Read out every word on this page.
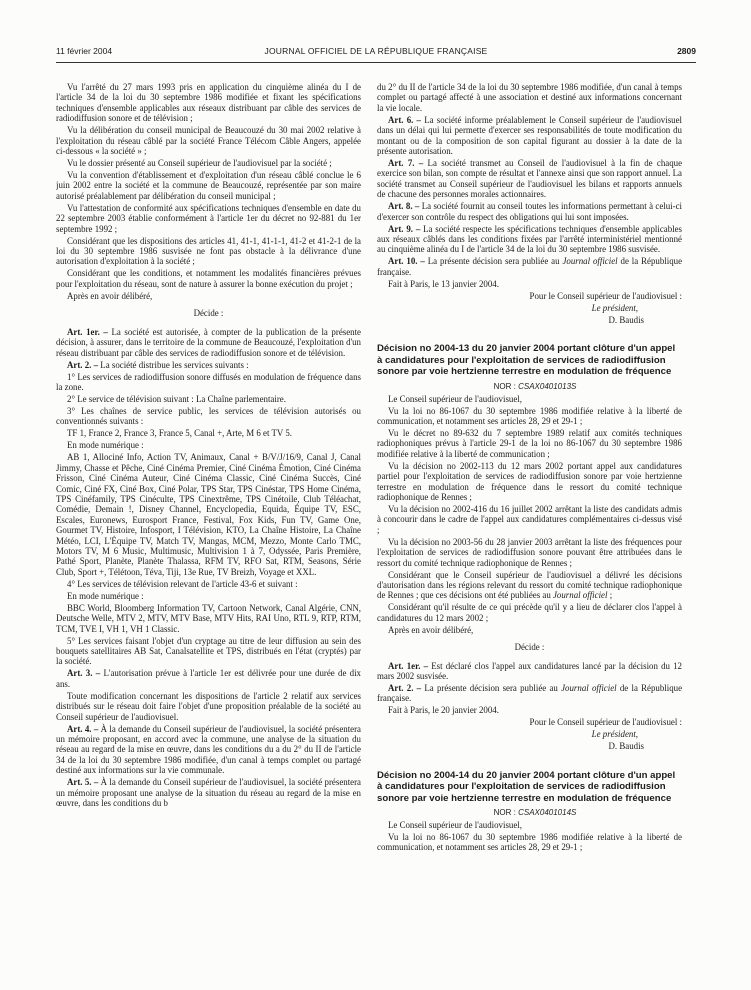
11 février 2004	JOURNAL OFFICIEL DE LA RÉPUBLIQUE FRANÇAISE	2809

Vu l'arrêté du 27 mars 1993 pris en application du cinquième alinéa du I de l'article 34 de la loi du 30 septembre 1986 modifiée et fixant les spécifications techniques d'ensemble applicables aux réseaux distribuant par câble des services de radiodiffusion sonore et de télévision ;

Vu la délibération du conseil municipal de Beaucouzé du 30 mai 2002 relative à l'exploitation du réseau câblé par la société France Télécom Câble Angers, appelée ci-dessous « la société » ;

Vu le dossier présenté au Conseil supérieur de l'audiovisuel par la société ;

Vu la convention d'établissement et d'exploitation d'un réseau câblé conclue le 6 juin 2002 entre la société et la commune de Beaucouzé, représentée par son maire autorisé préalablement par délibération du conseil municipal ;

Vu l'attestation de conformité aux spécifications techniques d'ensemble en date du 22 septembre 2003 établie conformément à l'article 1er du décret no 92-881 du 1er septembre 1992 ;

Considérant que les dispositions des articles 41, 41-1, 41-1-1, 41-2 et 41-2-1 de la loi du 30 septembre 1986 susvisée ne font pas obstacle à la délivrance d'une autorisation d'exploitation à la société ;

Considérant que les conditions, et notamment les modalités financières prévues pour l'exploitation du réseau, sont de nature à assurer la bonne exécution du projet ;

Après en avoir délibéré,

Décide :

Art. 1er. – La société est autorisée, à compter de la publication de la présente décision, à assurer, dans le territoire de la commune de Beaucouzé, l'exploitation d'un réseau distribuant par câble des services de radiodiffusion sonore et de télévision.

Art. 2. – La société distribue les services suivants :

1° Les services de radiodiffusion sonore diffusés en modulation de fréquence dans la zone.

2° Le service de télévision suivant : La Chaîne parlementaire.

3° Les chaînes de service public, les services de télévision autorisés ou conventionnés suivants :

TF 1, France 2, France 3, France 5, Canal +, Arte, M 6 et TV 5.

En mode numérique :

AB 1, Allociné Info, Action TV, Animaux, Canal + B/V/J/16/9, Canal J, Canal Jimmy, Chasse et Pêche, Ciné Cinéma Premier, Ciné Cinéma Émotion, Ciné Cinéma Frisson, Ciné Cinéma Auteur, Ciné Cinéma Classic, Ciné Cinéma Succès, Ciné Comic, Ciné FX, Ciné Box, Ciné Polar, TPS Star, TPS Cinéstar, TPS Home Cinéma, TPS Cinéfamily, TPS Cinéculte, TPS Cinextrême, TPS Cinétoile, Club Téléachat, Comédie, Demain !, Disney Channel, Encyclopedia, Equida, Équipe TV, ESC, Escales, Euronews, Eurosport France, Festival, Fox Kids, Fun TV, Game One, Gourmet TV, Histoire, Infosport, I Télévision, KTO, La Chaîne Histoire, La Chaîne Météo, LCI, L'Équipe TV, Match TV, Mangas, MCM, Mezzo, Monte Carlo TMC, Motors TV, M 6 Music, Multimusic, Multivision 1 à 7, Odyssée, Paris Première, Pathé Sport, Planète, Planète Thalassa, RFM TV, RFO Sat, RTM, Seasons, Série Club, Sport +, Télétoon, Téva, Tiji, 13e Rue, TV Breizh, Voyage et XXL.

4° Les services de télévision relevant de l'article 43-6 et suivant :

En mode numérique :

BBC World, Bloomberg Information TV, Cartoon Network, Canal Algérie, CNN, Deutsche Welle, MTV 2, MTV, MTV Base, MTV Hits, RAI Uno, RTL 9, RTP, RTM, TCM, TVE I, VH 1, VH 1 Classic.

5° Les services faisant l'objet d'un cryptage au titre de leur diffusion au sein des bouquets satellitaires AB Sat, Canalsatellite et TPS, distribués en l'état (cryptés) par la société.

Art. 3. – L'autorisation prévue à l'article 1er est délivrée pour une durée de dix ans.

Toute modification concernant les dispositions de l'article 2 relatif aux services distribués sur le réseau doit faire l'objet d'une proposition préalable de la société au Conseil supérieur de l'audiovisuel.

Art. 4. – À la demande du Conseil supérieur de l'audiovisuel, la société présentera un mémoire proposant, en accord avec la commune, une analyse de la situation du réseau au regard de la mise en œuvre, dans les conditions du a du 2° du II de l'article 34 de la loi du 30 septembre 1986 modifiée, d'un canal à temps complet ou partagé destiné aux informations sur la vie communale.

Art. 5. – À la demande du Conseil supérieur de l'audiovisuel, la société présentera un mémoire proposant une analyse de la situation du réseau au regard de la mise en œuvre, dans les conditions du b

du 2° du II de l'article 34 de la loi du 30 septembre 1986 modifiée, d'un canal à temps complet ou partagé affecté à une association et destiné aux informations concernant la vie locale.

Art. 6. – La société informe préalablement le Conseil supérieur de l'audiovisuel dans un délai qui lui permette d'exercer ses responsabilités de toute modification du montant ou de la composition de son capital figurant au dossier à la date de la présente autorisation.

Art. 7. – La société transmet au Conseil de l'audiovisuel à la fin de chaque exercice son bilan, son compte de résultat et l'annexe ainsi que son rapport annuel. La société transmet au Conseil supérieur de l'audiovisuel les bilans et rapports annuels de chacune des personnes morales actionnaires.

Art. 8. – La société fournit au conseil toutes les informations permettant à celui-ci d'exercer son contrôle du respect des obligations qui lui sont imposées.

Art. 9. – La société respecte les spécifications techniques d'ensemble applicables aux réseaux câblés dans les conditions fixées par l'arrêté interministériel mentionné au cinquième alinéa du I de l'article 34 de la loi du 30 septembre 1986 susvisée.

Art. 10. – La présente décision sera publiée au Journal officiel de la République française.

Fait à Paris, le 13 janvier 2004.

Pour le Conseil supérieur de l'audiovisuel :

Le président,

D. Baudis

Décision no 2004-13 du 20 janvier 2004 portant clôture d'un appel à candidatures pour l'exploitation de services de radiodiffusion sonore par voie hertzienne terrestre en modulation de fréquence

NOR : CSAX0401013S

Le Conseil supérieur de l'audiovisuel,

Vu la loi no 86-1067 du 30 septembre 1986 modifiée relative à la liberté de communication, et notamment ses articles 28, 29 et 29-1 ;

Vu le décret no 89-632 du 7 septembre 1989 relatif aux comités techniques radiophoniques prévus à l'article 29-1 de la loi no 86-1067 du 30 septembre 1986 modifiée relative à la liberté de communication ;

Vu la décision no 2002-113 du 12 mars 2002 portant appel aux candidatures partiel pour l'exploitation de services de radiodiffusion sonore par voie hertzienne terrestre en modulation de fréquence dans le ressort du comité technique radiophonique de Rennes ;

Vu la décision no 2002-416 du 16 juillet 2002 arrêtant la liste des candidats admis à concourir dans le cadre de l'appel aux candidatures complémentaires ci-dessus visé ;

Vu la décision no 2003-56 du 28 janvier 2003 arrêtant la liste des fréquences pour l'exploitation de services de radiodiffusion sonore pouvant être attribuées dans le ressort du comité technique radiophonique de Rennes ;

Considérant que le Conseil supérieur de l'audiovisuel a délivré les décisions d'autorisation dans les régions relevant du ressort du comité technique radiophonique de Rennes ; que ces décisions ont été publiées au Journal officiel ;

Considérant qu'il résulte de ce qui précède qu'il y a lieu de déclarer clos l'appel à candidatures du 12 mars 2002 ;

Après en avoir délibéré,

Décide :

Art. 1er. – Est déclaré clos l'appel aux candidatures lancé par la décision du 12 mars 2002 susvisée.

Art. 2. – La présente décision sera publiée au Journal officiel de la République française.

Fait à Paris, le 20 janvier 2004.

Pour le Conseil supérieur de l'audiovisuel :

Le président,

D. Baudis

Décision no 2004-14 du 20 janvier 2004 portant clôture d'un appel à candidatures pour l'exploitation de services de radiodiffusion sonore par voie hertzienne terrestre en modulation de fréquence

NOR : CSAX0401014S

Le Conseil supérieur de l'audiovisuel,

Vu la loi no 86-1067 du 30 septembre 1986 modifiée relative à la liberté de communication, et notamment ses articles 28, 29 et 29-1 ;
